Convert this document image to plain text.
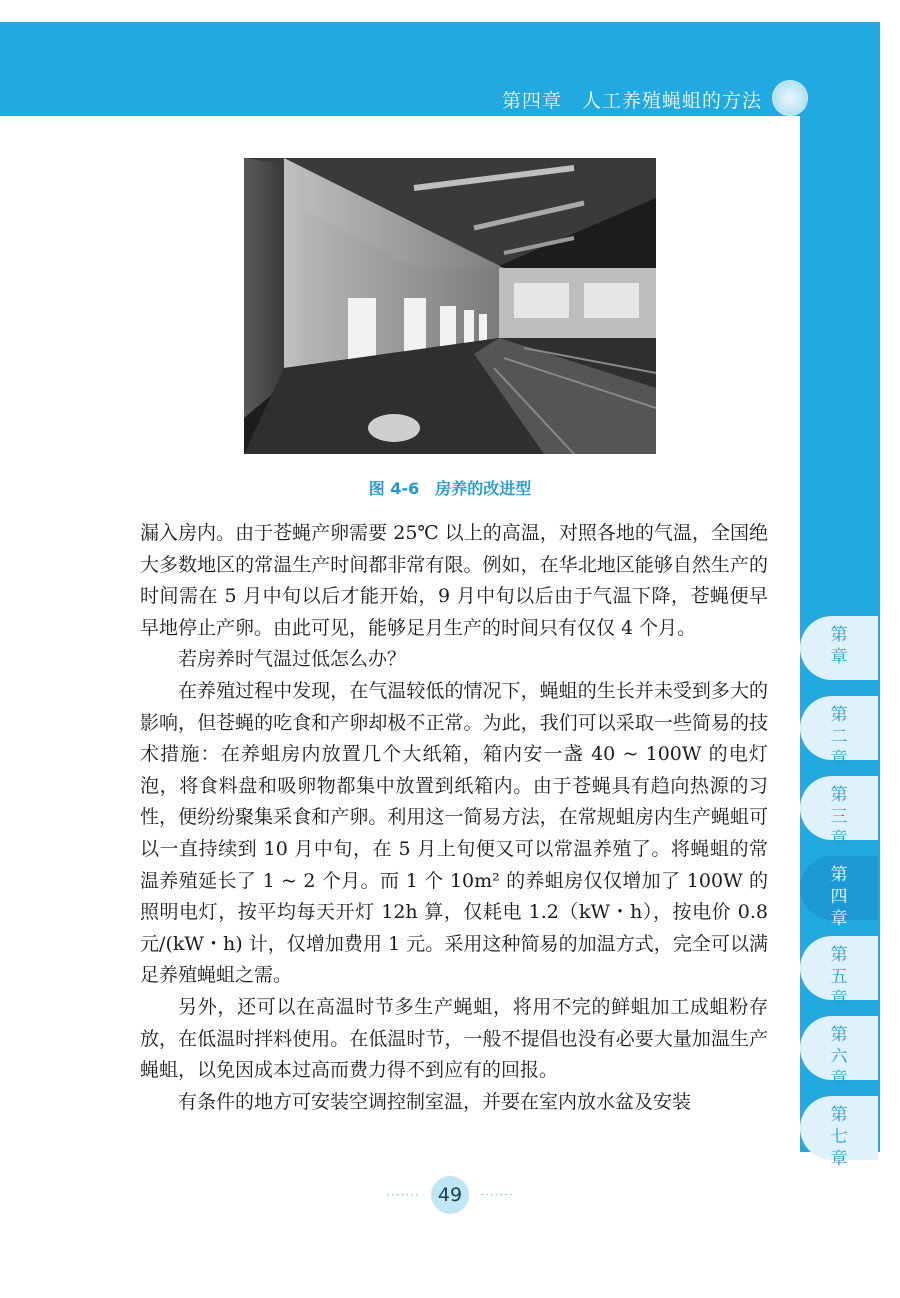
第四章　人工养殖蝇蛆的方法
图 4-6　房养的改进型

漏入房内。由于苍蝇产卵需要 25℃ 以上的高温，对照各地的气温，全国绝大多数地区的常温生产时间都非常有限。例如，在华北地区能够自然生产的时间需在 5 月中旬以后才能开始，9 月中旬以后由于气温下降，苍蝇便早早地停止产卵。由此可见，能够足月生产的时间只有仅仅 4 个月。

若房养时气温过低怎么办？

在养殖过程中发现，在气温较低的情况下，蝇蛆的生长并未受到多大的影响，但苍蝇的吃食和产卵却极不正常。为此，我们可以采取一些简易的技术措施：在养蛆房内放置几个大纸箱，箱内安一盏 40 ~ 100W 的电灯泡，将食料盘和吸卵物都集中放置到纸箱内。由于苍蝇具有趋向热源的习性，便纷纷聚集采食和产卵。利用这一简易方法，在常规蛆房内生产蝇蛆可以一直持续到 10 月中旬，在 5 月上旬便又可以常温养殖了。将蝇蛆的常温养殖延长了 1 ~ 2 个月。而 1 个 10m² 的养蛆房仅仅增加了 100W 的照明电灯，按平均每天开灯 12h 算，仅耗电 1.2（kW・h），按电价 0.8 元/(kW・h) 计，仅增加费用 1 元。采用这种简易的加温方式，完全可以满足养殖蝇蛆之需。

另外，还可以在高温时节多生产蝇蛆，将用不完的鲜蛆加工成蛆粉存放，在低温时拌料使用。在低温时节，一般不提倡也没有必要大量加温生产蝇蛆，以免因成本过高而费力得不到应有的回报。

有条件的地方可安装空调控制室温，并要在室内放水盆及安装

第
章
第
二
章
第
三
章
第
四
章
第
五
章
第
六
章
第
七
章
······· 49 ·······
